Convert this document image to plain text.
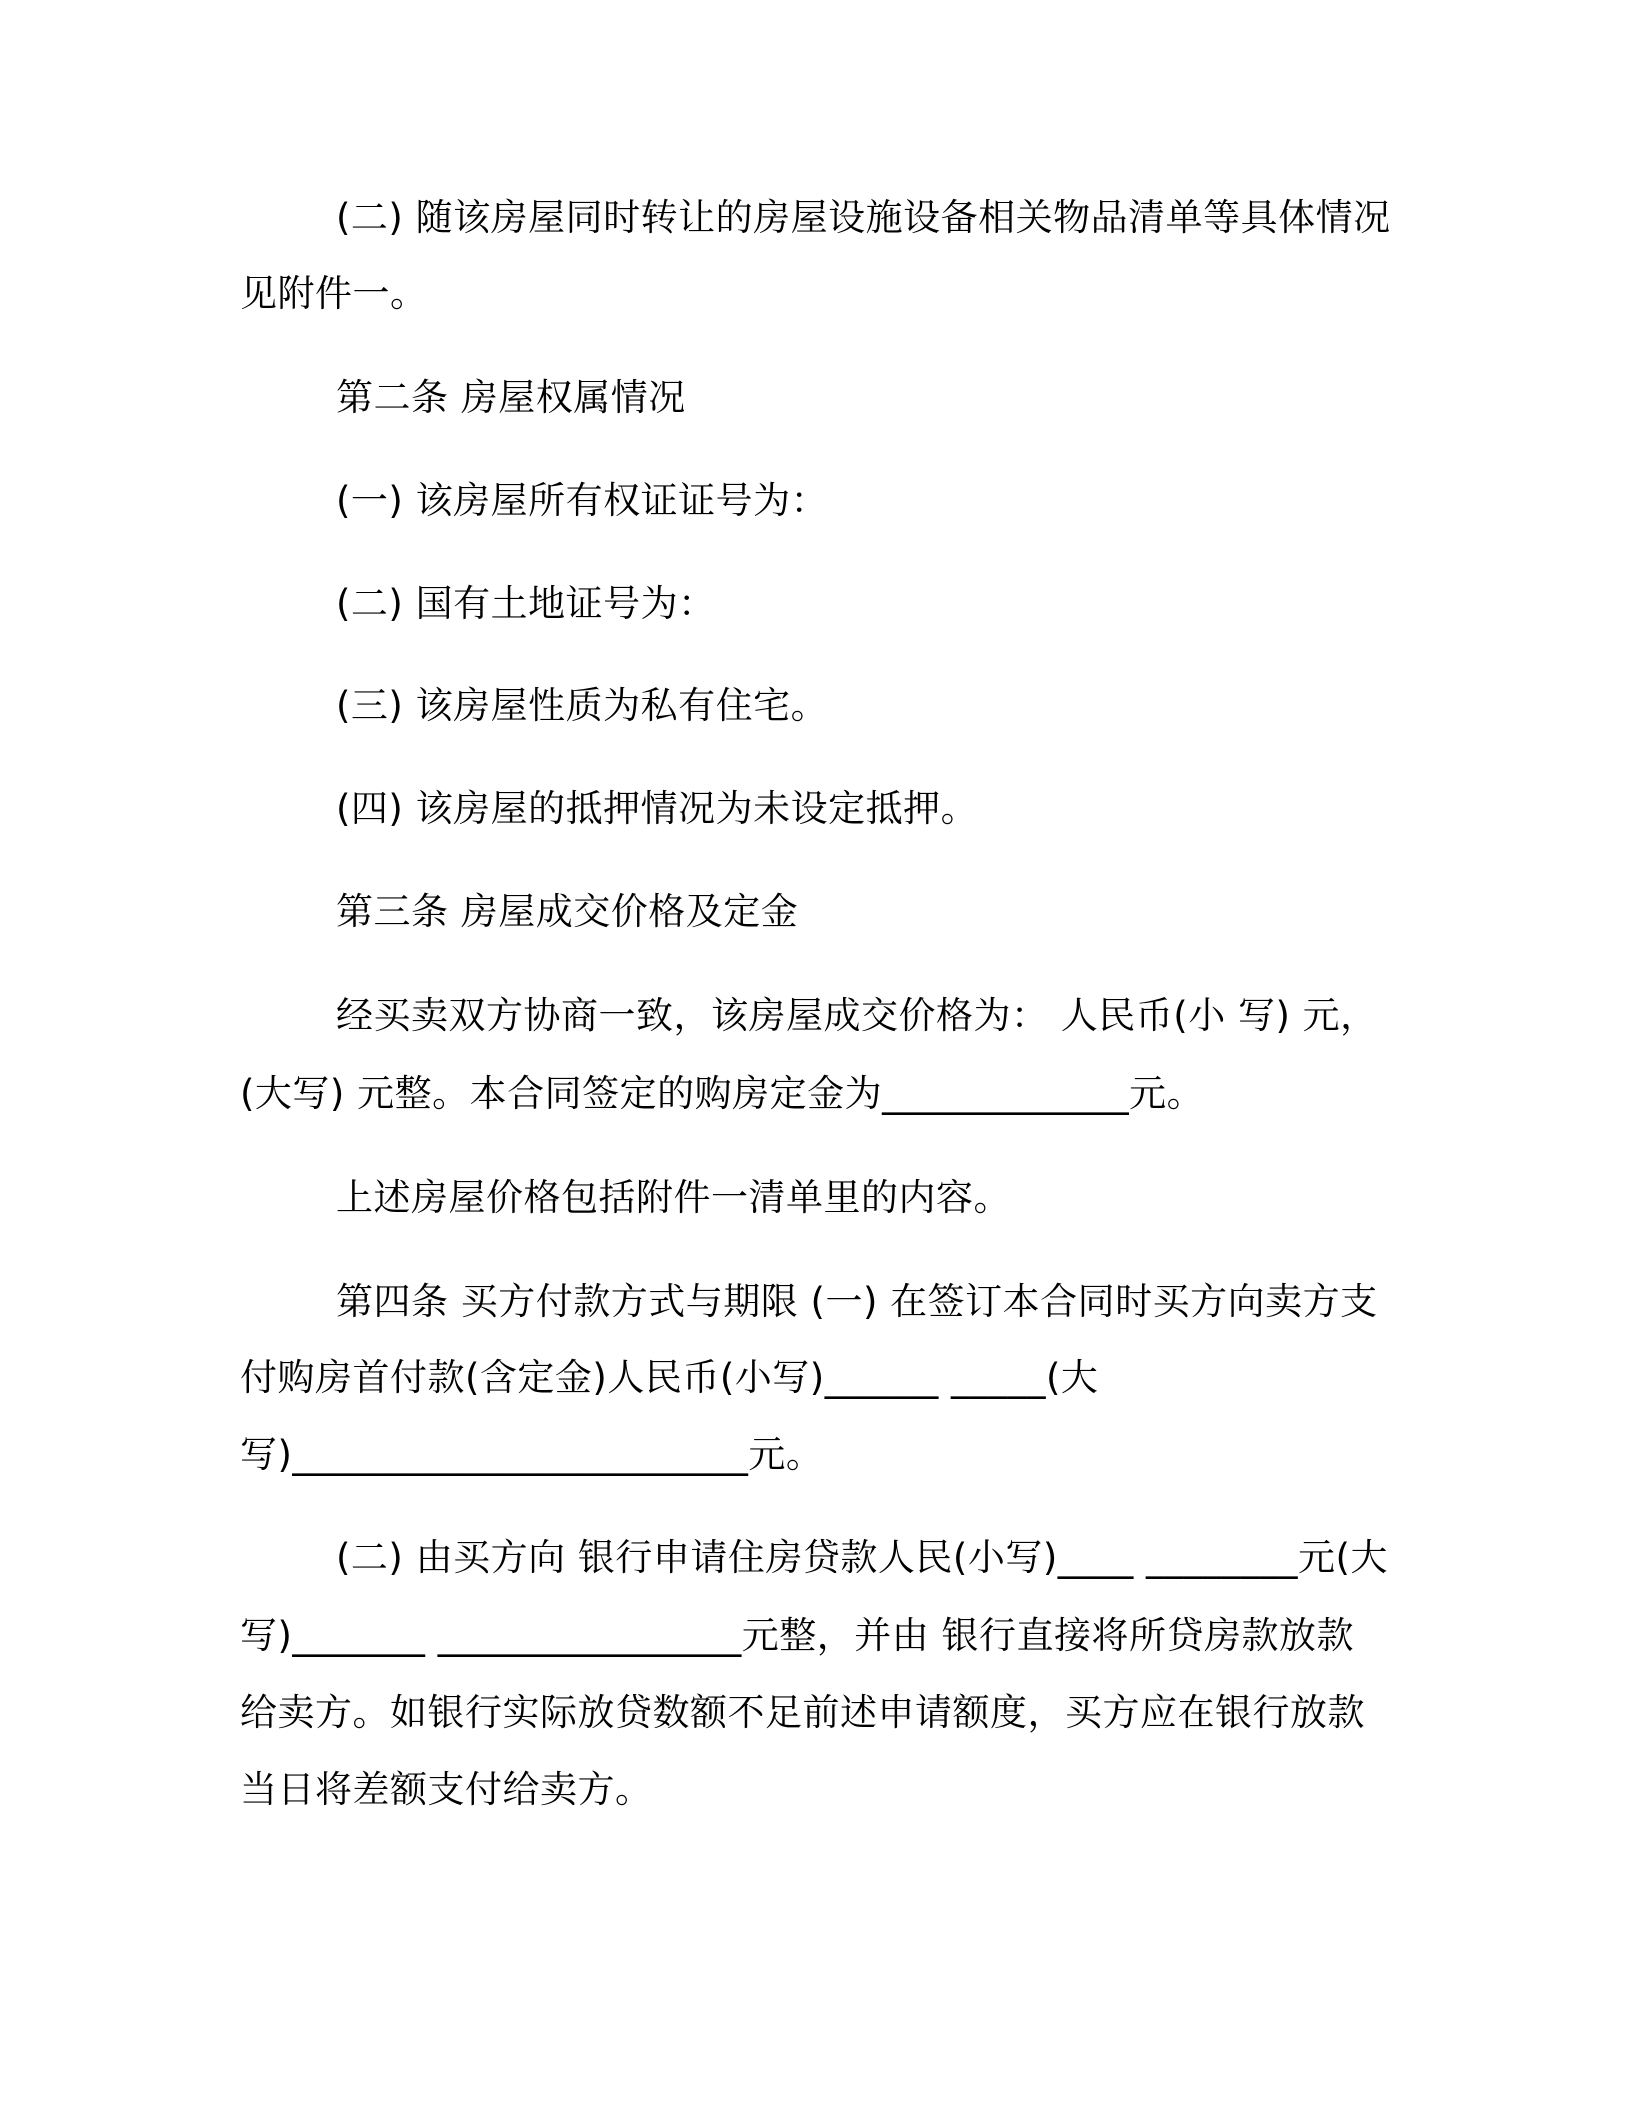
(二) 随该房屋同时转让的房屋设施设备相关物品清单等具体情况
见附件一。
第二条 房屋权属情况
(一) 该房屋所有权证证号为：
(二) 国有土地证号为：
(三) 该房屋性质为私有住宅。
(四) 该房屋的抵押情况为未设定抵押。
第三条 房屋成交价格及定金
经买卖双方协商一致，该房屋成交价格为： 人民币(小 写) 元，
(大写) 元整。本合同签定的购房定金为_____________元。
上述房屋价格包括附件一清单里的内容。
第四条 买方付款方式与期限 (一) 在签订本合同时买方向卖方支
付购房首付款(含定金)人民币(小写)______ _____(大
写)________________________元。
(二) 由买方向 银行申请住房贷款人民(小写)____ ________元(大
写)_______ ________________元整，并由 银行直接将所贷房款放款
给卖方。如银行实际放贷数额不足前述申请额度，买方应在银行放款
当日将差额支付给卖方。
